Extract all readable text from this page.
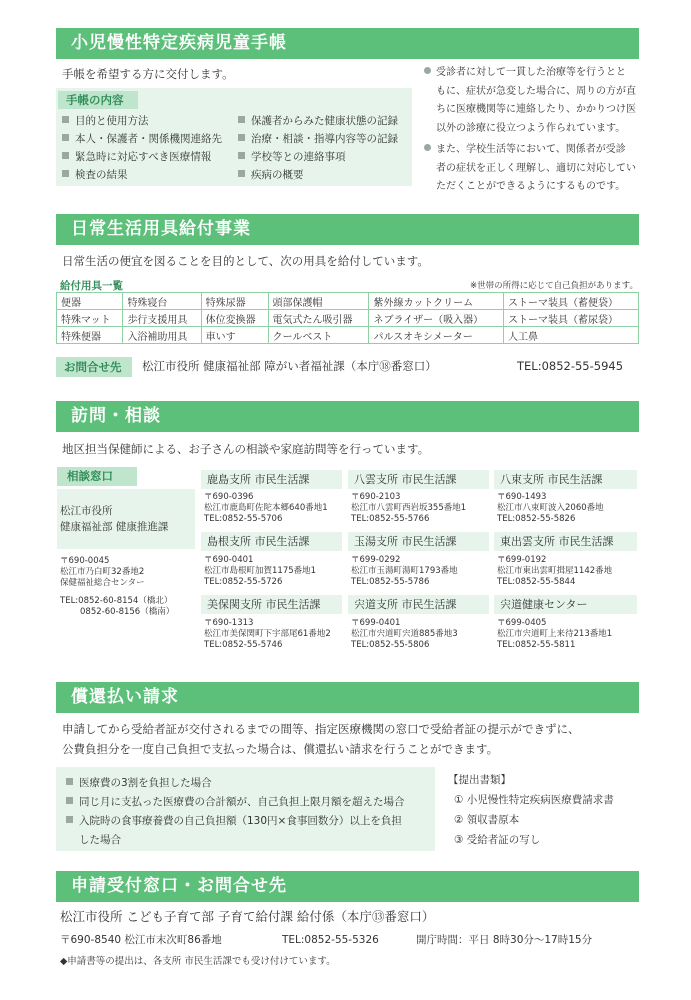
小児慢性特定疾病児童手帳
手帳を希望する方に交付します。
手帳の内容
目的と使用方法
本人・保護者・関係機関連絡先
緊急時に対応すべき医療情報
検査の結果
保護者からみた健康状態の記録
治療・相談・指導内容等の記録
学校等との連絡事項
疾病の概要
受診者に対して一貫した治療等を行うとと
もに、症状が急変した場合に、周りの方が直
ちに医療機関等に連絡したり、かかりつけ医
以外の診療に役立つよう作られています。
また、学校生活等において、関係者が受診
者の症状を正しく理解し、適切に対応してい
ただくことができるようにするものです。
日常生活用具給付事業
日常生活の便宜を図ることを目的として、次の用具を給付しています。
給付用具一覧	※世帯の所得に応じて自己負担があります。
便器	特殊寝台	特殊尿器	頭部保護帽	紫外線カットクリーム	ストーマ装具（蓄便袋）
特殊マット	歩行支援用具	体位変換器	電気式たん吸引器	ネブライザー（吸入器）	ストーマ装具（蓄尿袋）
特殊便器	入浴補助用具	車いす	クールベスト	パルスオキシメーター	人工鼻
お問合せ先	松江市役所 健康福祉部 障がい者福祉課（本庁⑱番窓口）	TEL:0852-55-5945
訪問・相談
地区担当保健師による、お子さんの相談や家庭訪問等を行っています。
相談窓口
松江市役所
健康福祉部 健康推進課
〒690-0045
松江市乃白町32番地2
保健福祉総合センター
TEL:0852-60-8154（橋北）
0852-60-8156（橋南）
鹿島支所 市民生活課
〒690-0396
松江市鹿島町佐陀本郷640番地1
TEL:0852-55-5706
八雲支所 市民生活課
〒690-2103
松江市八雲町西岩坂355番地1
TEL:0852-55-5766
八束支所 市民生活課
〒690-1493
松江市八束町波入2060番地
TEL:0852-55-5826
島根支所 市民生活課
〒690-0401
松江市島根町加賀1175番地1
TEL:0852-55-5726
玉湯支所 市民生活課
〒699-0292
松江市玉湯町湯町1793番地
TEL:0852-55-5786
東出雲支所 市民生活課
〒699-0192
松江市東出雲町揖屋1142番地
TEL:0852-55-5844
美保関支所 市民生活課
〒690-1313
松江市美保関町下宇部尾61番地2
TEL:0852-55-5746
宍道支所 市民生活課
〒699-0401
松江市宍道町宍道885番地3
TEL:0852-55-5806
宍道健康センター
〒699-0405
松江市宍道町上来待213番地1
TEL:0852-55-5811
償還払い請求
申請してから受給者証が交付されるまでの間等、指定医療機関の窓口で受給者証の提示ができずに、
公費負担分を一度自己負担で支払った場合は、償還払い請求を行うことができます。
医療費の3割を負担した場合
同じ月に支払った医療費の合計額が、自己負担上限月額を超えた場合
入院時の食事療養費の自己負担額（130円×食事回数分）以上を負担
した場合
【提出書類】
① 小児慢性特定疾病医療費請求書
② 領収書原本
③ 受給者証の写し
申請受付窓口・お問合せ先
松江市役所 こども子育て部 子育て給付課 給付係（本庁⑬番窓口）
〒690-8540 松江市末次町86番地	TEL:0852-55-5326	開庁時間：平日 8時30分～17時15分
◆申請書等の提出は、各支所 市民生活課でも受け付けています。
